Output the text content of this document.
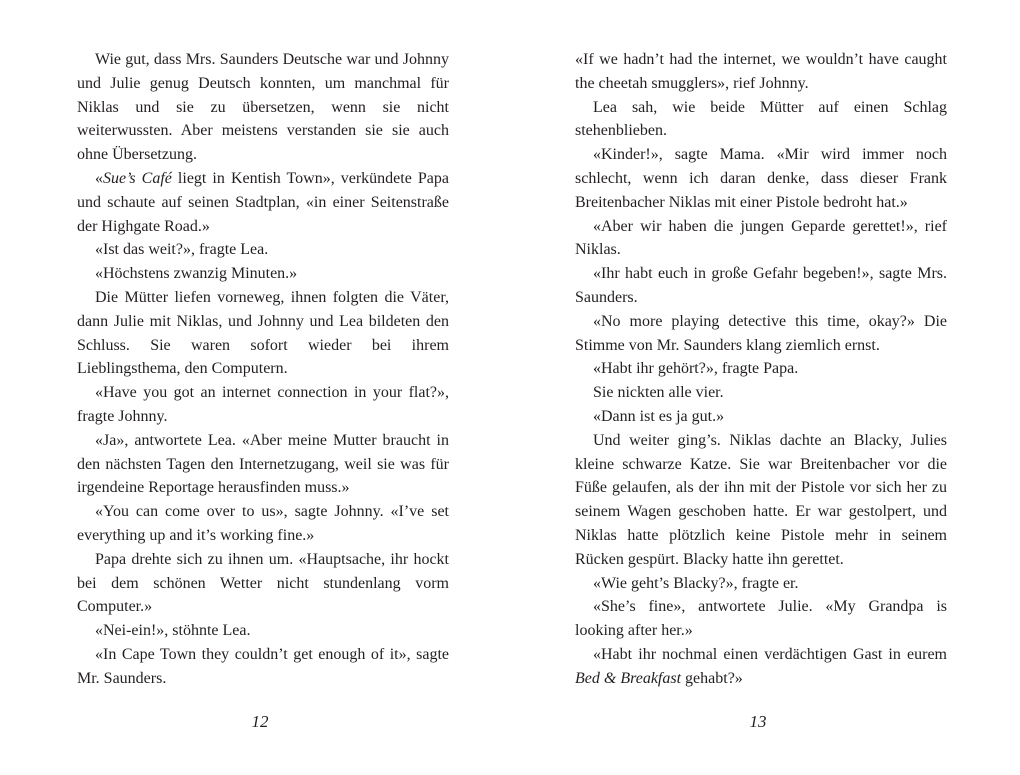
Wie gut, dass Mrs. Saunders Deutsche war und Johnny und Julie genug Deutsch konnten, um manchmal für Niklas und sie zu übersetzen, wenn sie nicht weiterwussten. Aber meistens verstanden sie sie auch ohne Übersetzung.

«Sue’s Café liegt in Kentish Town», verkündete Papa und schaute auf seinen Stadtplan, «in einer Seitenstraße der Highgate Road.»

«Ist das weit?», fragte Lea.

«Höchstens zwanzig Minuten.»

Die Mütter liefen vorneweg, ihnen folgten die Väter, dann Julie mit Niklas, und Johnny und Lea bildeten den Schluss. Sie waren sofort wieder bei ihrem Lieblingsthema, den Computern.

«Have you got an internet connection in your flat?», fragte Johnny.

«Ja», antwortete Lea. «Aber meine Mutter braucht in den nächsten Tagen den Internetzugang, weil sie was für irgendeine Reportage herausfinden muss.»

«You can come over to us», sagte Johnny. «I’ve set everything up and it’s working fine.»

Papa drehte sich zu ihnen um. «Hauptsache, ihr hockt bei dem schönen Wetter nicht stundenlang vorm Computer.»

«Nei-ein!», stöhnte Lea.

«In Cape Town they couldn’t get enough of it», sagte Mr. Saunders.

«If we hadn’t had the internet, we wouldn’t have caught the cheetah smugglers», rief Johnny.

Lea sah, wie beide Mütter auf einen Schlag stehenblieben.

«Kinder!», sagte Mama. «Mir wird immer noch schlecht, wenn ich daran denke, dass dieser Frank Breitenbacher Niklas mit einer Pistole bedroht hat.»

«Aber wir haben die jungen Geparde gerettet!», rief Niklas.

«Ihr habt euch in große Gefahr begeben!», sagte Mrs. Saunders.

«No more playing detective this time, okay?» Die Stimme von Mr. Saunders klang ziemlich ernst.

«Habt ihr gehört?», fragte Papa.

Sie nickten alle vier.

«Dann ist es ja gut.»

Und weiter ging’s. Niklas dachte an Blacky, Julies kleine schwarze Katze. Sie war Breitenbacher vor die Füße gelaufen, als der ihn mit der Pistole vor sich her zu seinem Wagen geschoben hatte. Er war gestolpert, und Niklas hatte plötzlich keine Pistole mehr in seinem Rücken gespürt. Blacky hatte ihn gerettet.

«Wie geht’s Blacky?», fragte er.

«She’s fine», antwortete Julie. «My Grandpa is looking after her.»

«Habt ihr nochmal einen verdächtigen Gast in eurem Bed & Breakfast gehabt?»

12	13
